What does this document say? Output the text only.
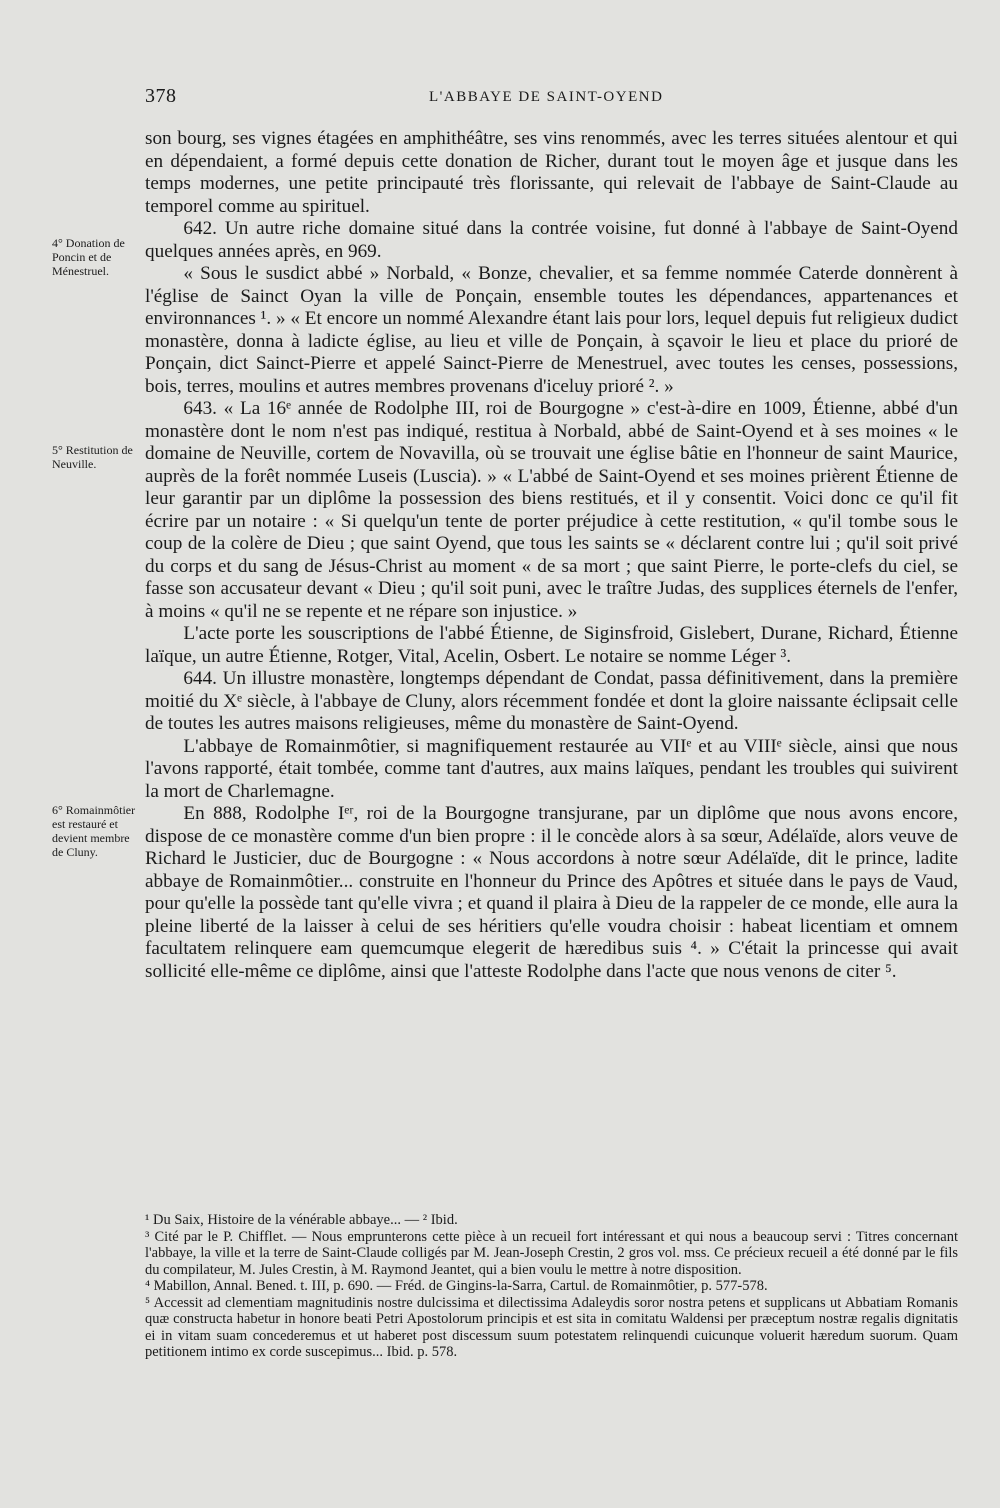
378	L'ABBAYE DE SAINT-OYEND
4° Donation de Poncin et de Ménestruel.
5° Restitution de Neuville.
6° Romainmôtier est restauré et devient membre de Cluny.

son bourg, ses vignes étagées en amphithéâtre, ses vins renommés, avec les terres situées alentour et qui en dépendaient, a formé depuis cette donation de Richer, durant tout le moyen âge et jusque dans les temps modernes, une petite principauté très florissante, qui relevait de l'abbaye de Saint-Claude au temporel comme au spirituel.

642. Un autre riche domaine situé dans la contrée voisine, fut donné à l'abbaye de Saint-Oyend quelques années après, en 969.

« Sous le susdict abbé » Norbald, « Bonze, chevalier, et sa femme nommée Caterde donnèrent à l'église de Sainct Oyan la ville de Ponçain, ensemble toutes les dépendances, appartenances et environnances ¹. » « Et encore un nommé Alexandre étant lais pour lors, lequel depuis fut religieux dudict monastère, donna à ladicte église, au lieu et ville de Ponçain, à sçavoir le lieu et place du prioré de Ponçain, dict Sainct-Pierre et appelé Sainct-Pierre de Menestruel, avec toutes les censes, possessions, bois, terres, moulins et autres membres provenans d'iceluy prioré ². »

643. « La 16ᵉ année de Rodolphe III, roi de Bourgogne » c'est-à-dire en 1009, Étienne, abbé d'un monastère dont le nom n'est pas indiqué, restitua à Norbald, abbé de Saint-Oyend et à ses moines « le domaine de Neuville, cortem de Novavilla, où se trouvait une église bâtie en l'honneur de saint Maurice, auprès de la forêt nommée Luseis (Luscia). » « L'abbé de Saint-Oyend et ses moines prièrent Étienne de leur garantir par un diplôme la possession des biens restitués, et il y consentit. Voici donc ce qu'il fit écrire par un notaire : « Si quelqu'un tente de porter préjudice à cette restitution, « qu'il tombe sous le coup de la colère de Dieu ; que saint Oyend, que tous les saints se « déclarent contre lui ; qu'il soit privé du corps et du sang de Jésus-Christ au moment « de sa mort ; que saint Pierre, le porte-clefs du ciel, se fasse son accusateur devant « Dieu ; qu'il soit puni, avec le traître Judas, des supplices éternels de l'enfer, à moins « qu'il ne se repente et ne répare son injustice. »

L'acte porte les souscriptions de l'abbé Étienne, de Siginsfroid, Gislebert, Durane, Richard, Étienne laïque, un autre Étienne, Rotger, Vital, Acelin, Osbert. Le notaire se nomme Léger ³.

644. Un illustre monastère, longtemps dépendant de Condat, passa définitivement, dans la première moitié du Xᵉ siècle, à l'abbaye de Cluny, alors récemment fondée et dont la gloire naissante éclipsait celle de toutes les autres maisons religieuses, même du monastère de Saint-Oyend.

L'abbaye de Romainmôtier, si magnifiquement restaurée au VIIᵉ et au VIIIᵉ siècle, ainsi que nous l'avons rapporté, était tombée, comme tant d'autres, aux mains laïques, pendant les troubles qui suivirent la mort de Charlemagne.

En 888, Rodolphe Iᵉʳ, roi de la Bourgogne transjurane, par un diplôme que nous avons encore, dispose de ce monastère comme d'un bien propre : il le concède alors à sa sœur, Adélaïde, alors veuve de Richard le Justicier, duc de Bourgogne : « Nous accordons à notre sœur Adélaïde, dit le prince, ladite abbaye de Romainmôtier... construite en l'honneur du Prince des Apôtres et située dans le pays de Vaud, pour qu'elle la possède tant qu'elle vivra ; et quand il plaira à Dieu de la rappeler de ce monde, elle aura la pleine liberté de la laisser à celui de ses héritiers qu'elle voudra choisir : habeat licentiam et omnem facultatem relinquere eam quemcumque elegerit de hæredibus suis ⁴. » C'était la princesse qui avait sollicité elle-même ce diplôme, ainsi que l'atteste Rodolphe dans l'acte que nous venons de citer ⁵.

¹ Du Saix, Histoire de la vénérable abbaye... — ² Ibid.

³ Cité par le P. Chifflet. — Nous emprunterons cette pièce à un recueil fort intéressant et qui nous a beaucoup servi : Titres concernant l'abbaye, la ville et la terre de Saint-Claude colligés par M. Jean-Joseph Crestin, 2 gros vol. mss. Ce précieux recueil a été donné par le fils du compilateur, M. Jules Crestin, à M. Raymond Jeantet, qui a bien voulu le mettre à notre disposition.

⁴ Mabillon, Annal. Bened. t. III, p. 690. — Fréd. de Gingins-la-Sarra, Cartul. de Romainmôtier, p. 577-578.

⁵ Accessit ad clementiam magnitudinis nostre dulcissima et dilectissima Adaleydis soror nostra petens et supplicans ut Abbatiam Romanis quæ constructa habetur in honore beati Petri Apostolorum principis et est sita in comitatu Waldensi per præceptum nostræ regalis dignitatis ei in vitam suam concederemus et ut haberet post discessum suum potestatem relinquendi cuicunque voluerit hæredum suorum. Quam petitionem intimo ex corde suscepimus... Ibid. p. 578.
